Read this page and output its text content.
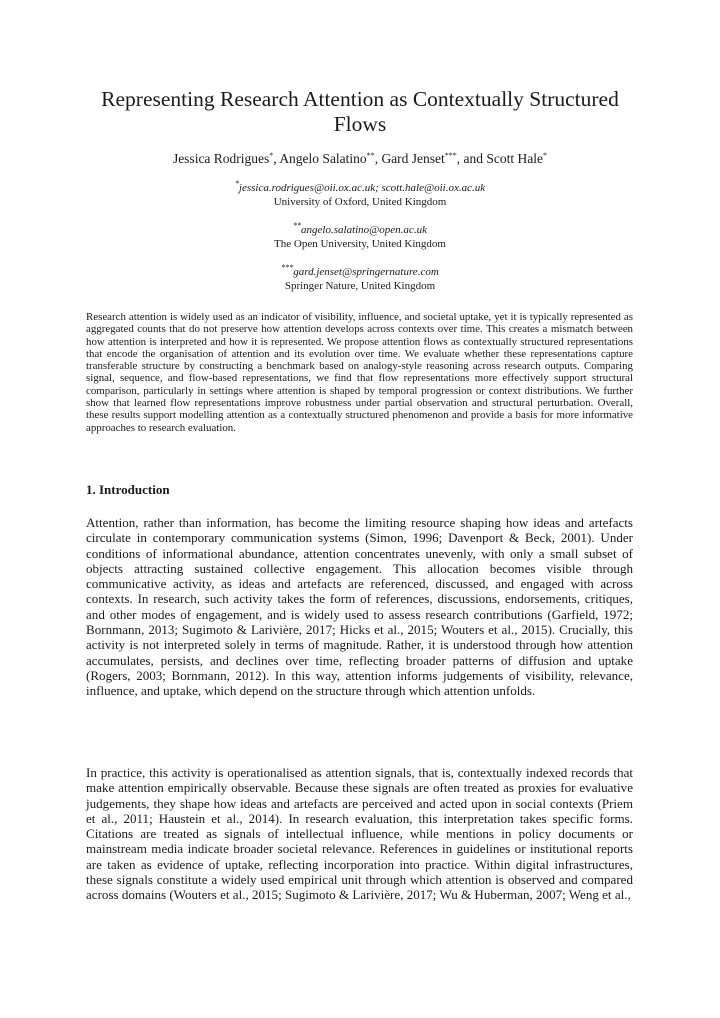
Representing Research Attention as Contextually Structured Flows
Jessica Rodrigues*, Angelo Salatino**, Gard Jenset***, and Scott Hale*
*jessica.rodrigues@oii.ox.ac.uk; scott.hale@oii.ox.ac.uk
University of Oxford, United Kingdom
**angelo.salatino@open.ac.uk
The Open University, United Kingdom
***gard.jenset@springernature.com
Springer Nature, United Kingdom

Research attention is widely used as an indicator of visibility, influence, and societal uptake, yet it is typically represented as aggregated counts that do not preserve how attention develops across contexts over time. This creates a mismatch between how attention is interpreted and how it is represented. We propose attention flows as contextually structured representations that encode the organisation of attention and its evolution over time. We evaluate whether these representations capture transferable structure by constructing a benchmark based on analogy-style reasoning across research outputs. Comparing signal, sequence, and flow-based representations, we find that flow representations more effectively support structural comparison, particularly in settings where attention is shaped by temporal progression or context distributions. We further show that learned flow representations improve robustness under partial observation and structural perturbation. Overall, these results support modelling attention as a contextually structured phenomenon and provide a basis for more informative approaches to research evaluation.

1. Introduction

Attention, rather than information, has become the limiting resource shaping how ideas and artefacts circulate in contemporary communication systems (Simon, 1996; Davenport & Beck, 2001). Under conditions of informational abundance, attention concentrates unevenly, with only a small subset of objects attracting sustained collective engagement. This allocation becomes visible through communicative activity, as ideas and artefacts are referenced, discussed, and engaged with across contexts. In research, such activity takes the form of references, discussions, endorsements, critiques, and other modes of engagement, and is widely used to assess research contributions (Garfield, 1972; Bornmann, 2013; Sugimoto & Larivière, 2017; Hicks et al., 2015; Wouters et al., 2015). Crucially, this activity is not interpreted solely in terms of magnitude. Rather, it is understood through how attention accumulates, persists, and declines over time, reflecting broader patterns of diffusion and uptake (Rogers, 2003; Bornmann, 2012). In this way, attention informs judgements of visibility, relevance, influence, and uptake, which depend on the structure through which attention unfolds.

In practice, this activity is operationalised as attention signals, that is, contextually indexed records that make attention empirically observable. Because these signals are often treated as proxies for evaluative judgements, they shape how ideas and artefacts are perceived and acted upon in social contexts (Priem et al., 2011; Haustein et al., 2014). In research evaluation, this interpretation takes specific forms. Citations are treated as signals of intellectual influence, while mentions in policy documents or mainstream media indicate broader societal relevance. References in guidelines or institutional reports are taken as evidence of uptake, reflecting incorporation into practice. Within digital infrastructures, these signals constitute a widely used empirical unit through which attention is observed and compared across domains (Wouters et al., 2015; Sugimoto & Larivière, 2017; Wu & Huberman, 2007; Weng et al.,
